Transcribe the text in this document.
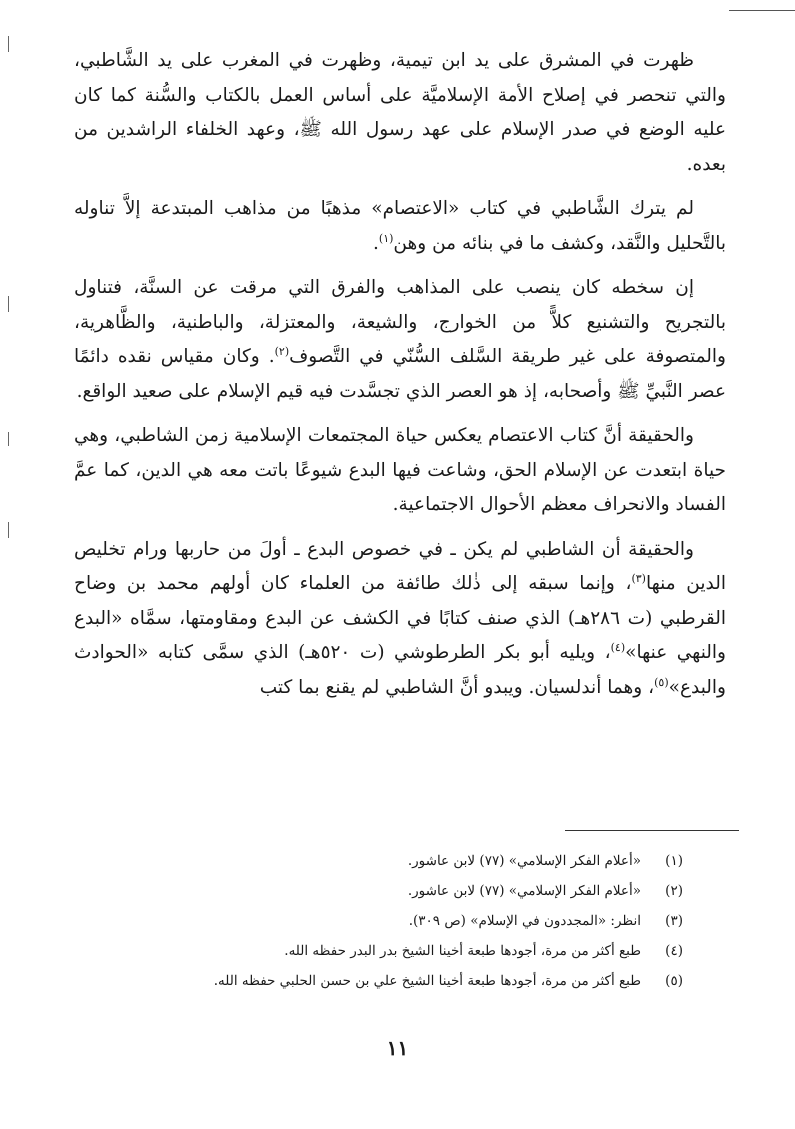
ظهرت في المشرق على يد ابن تيمية، وظهرت في المغرب على يد الشَّاطبي، والتي تنحصر في إصلاح الأمة الإسلاميَّة على أساس العمل بالكتاب والسُّنة كما كان عليه الوضع في صدر الإسلام على عهد رسول الله ﷺ، وعهد الخلفاء الراشدين من بعده.

لم يترك الشَّاطبي في كتاب «الاعتصام» مذهبًا من مذاهب المبتدعة إلاَّ تناوله بالتَّحليل والنَّقد، وكشف ما في بنائه من وهن$^{(١)}$.

إن سخطه كان ينصب على المذاهب والفرق التي مرقت عن السنَّة، فتناول بالتجريح والتشنيع كلاًّ من الخوارج، والشيعة، والمعتزلة، والباطنية، والظَّاهرية، والمتصوفة على غير طريقة السَّلف السُّنّي في التَّصوف$^{(٢)}$. وكان مقياس نقده دائمًا عصر النَّبيِّ ﷺ وأصحابه، إذ هو العصر الذي تجسَّدت فيه قيم الإسلام على صعيد الواقع.

والحقيقة أنَّ كتاب الاعتصام يعكس حياة المجتمعات الإسلامية زمن الشاطبي، وهي حياة ابتعدت عن الإسلام الحق، وشاعت فيها البدع شيوعًا باتت معه هي الدين، كما عمَّ الفساد والانحراف معظم الأحوال الاجتماعية.

والحقيقة أن الشاطبي لم يكن ـ في خصوص البدع ـ أولَ من حاربها ورام تخليص الدين منها$^{(٣)}$، وإنما سبقه إلى ذٰلك طائفة من العلماء كان أولهم محمد بن وضاح القرطبي (ت ٢٨٦هـ) الذي صنف كتابًا في الكشف عن البدع ومقاومتها، سمَّاه «البدع والنهي عنها»$^{(٤)}$، ويليه أبو بكر الطرطوشي (ت ٥٢٠هـ) الذي سمَّى كتابه «الحوادث والبدع»$^{(٥)}$، وهما أندلسيان. ويبدو أنَّ الشاطبي لم يقنع بما كتب

(١)«أعلام الفكر الإسلامي» (٧٧) لابن عاشور.
(٢)«أعلام الفكر الإسلامي» (٧٧) لابن عاشور.
(٣)انظر: «المجددون في الإسلام» (ص ٣٠٩).
(٤)طبع أكثر من مرة، أجودها طبعة أخينا الشيخ بدر البدر حفظه الله.
(٥)طبع أكثر من مرة، أجودها طبعة أخينا الشيخ علي بن حسن الحلبي حفظه الله.
١١
